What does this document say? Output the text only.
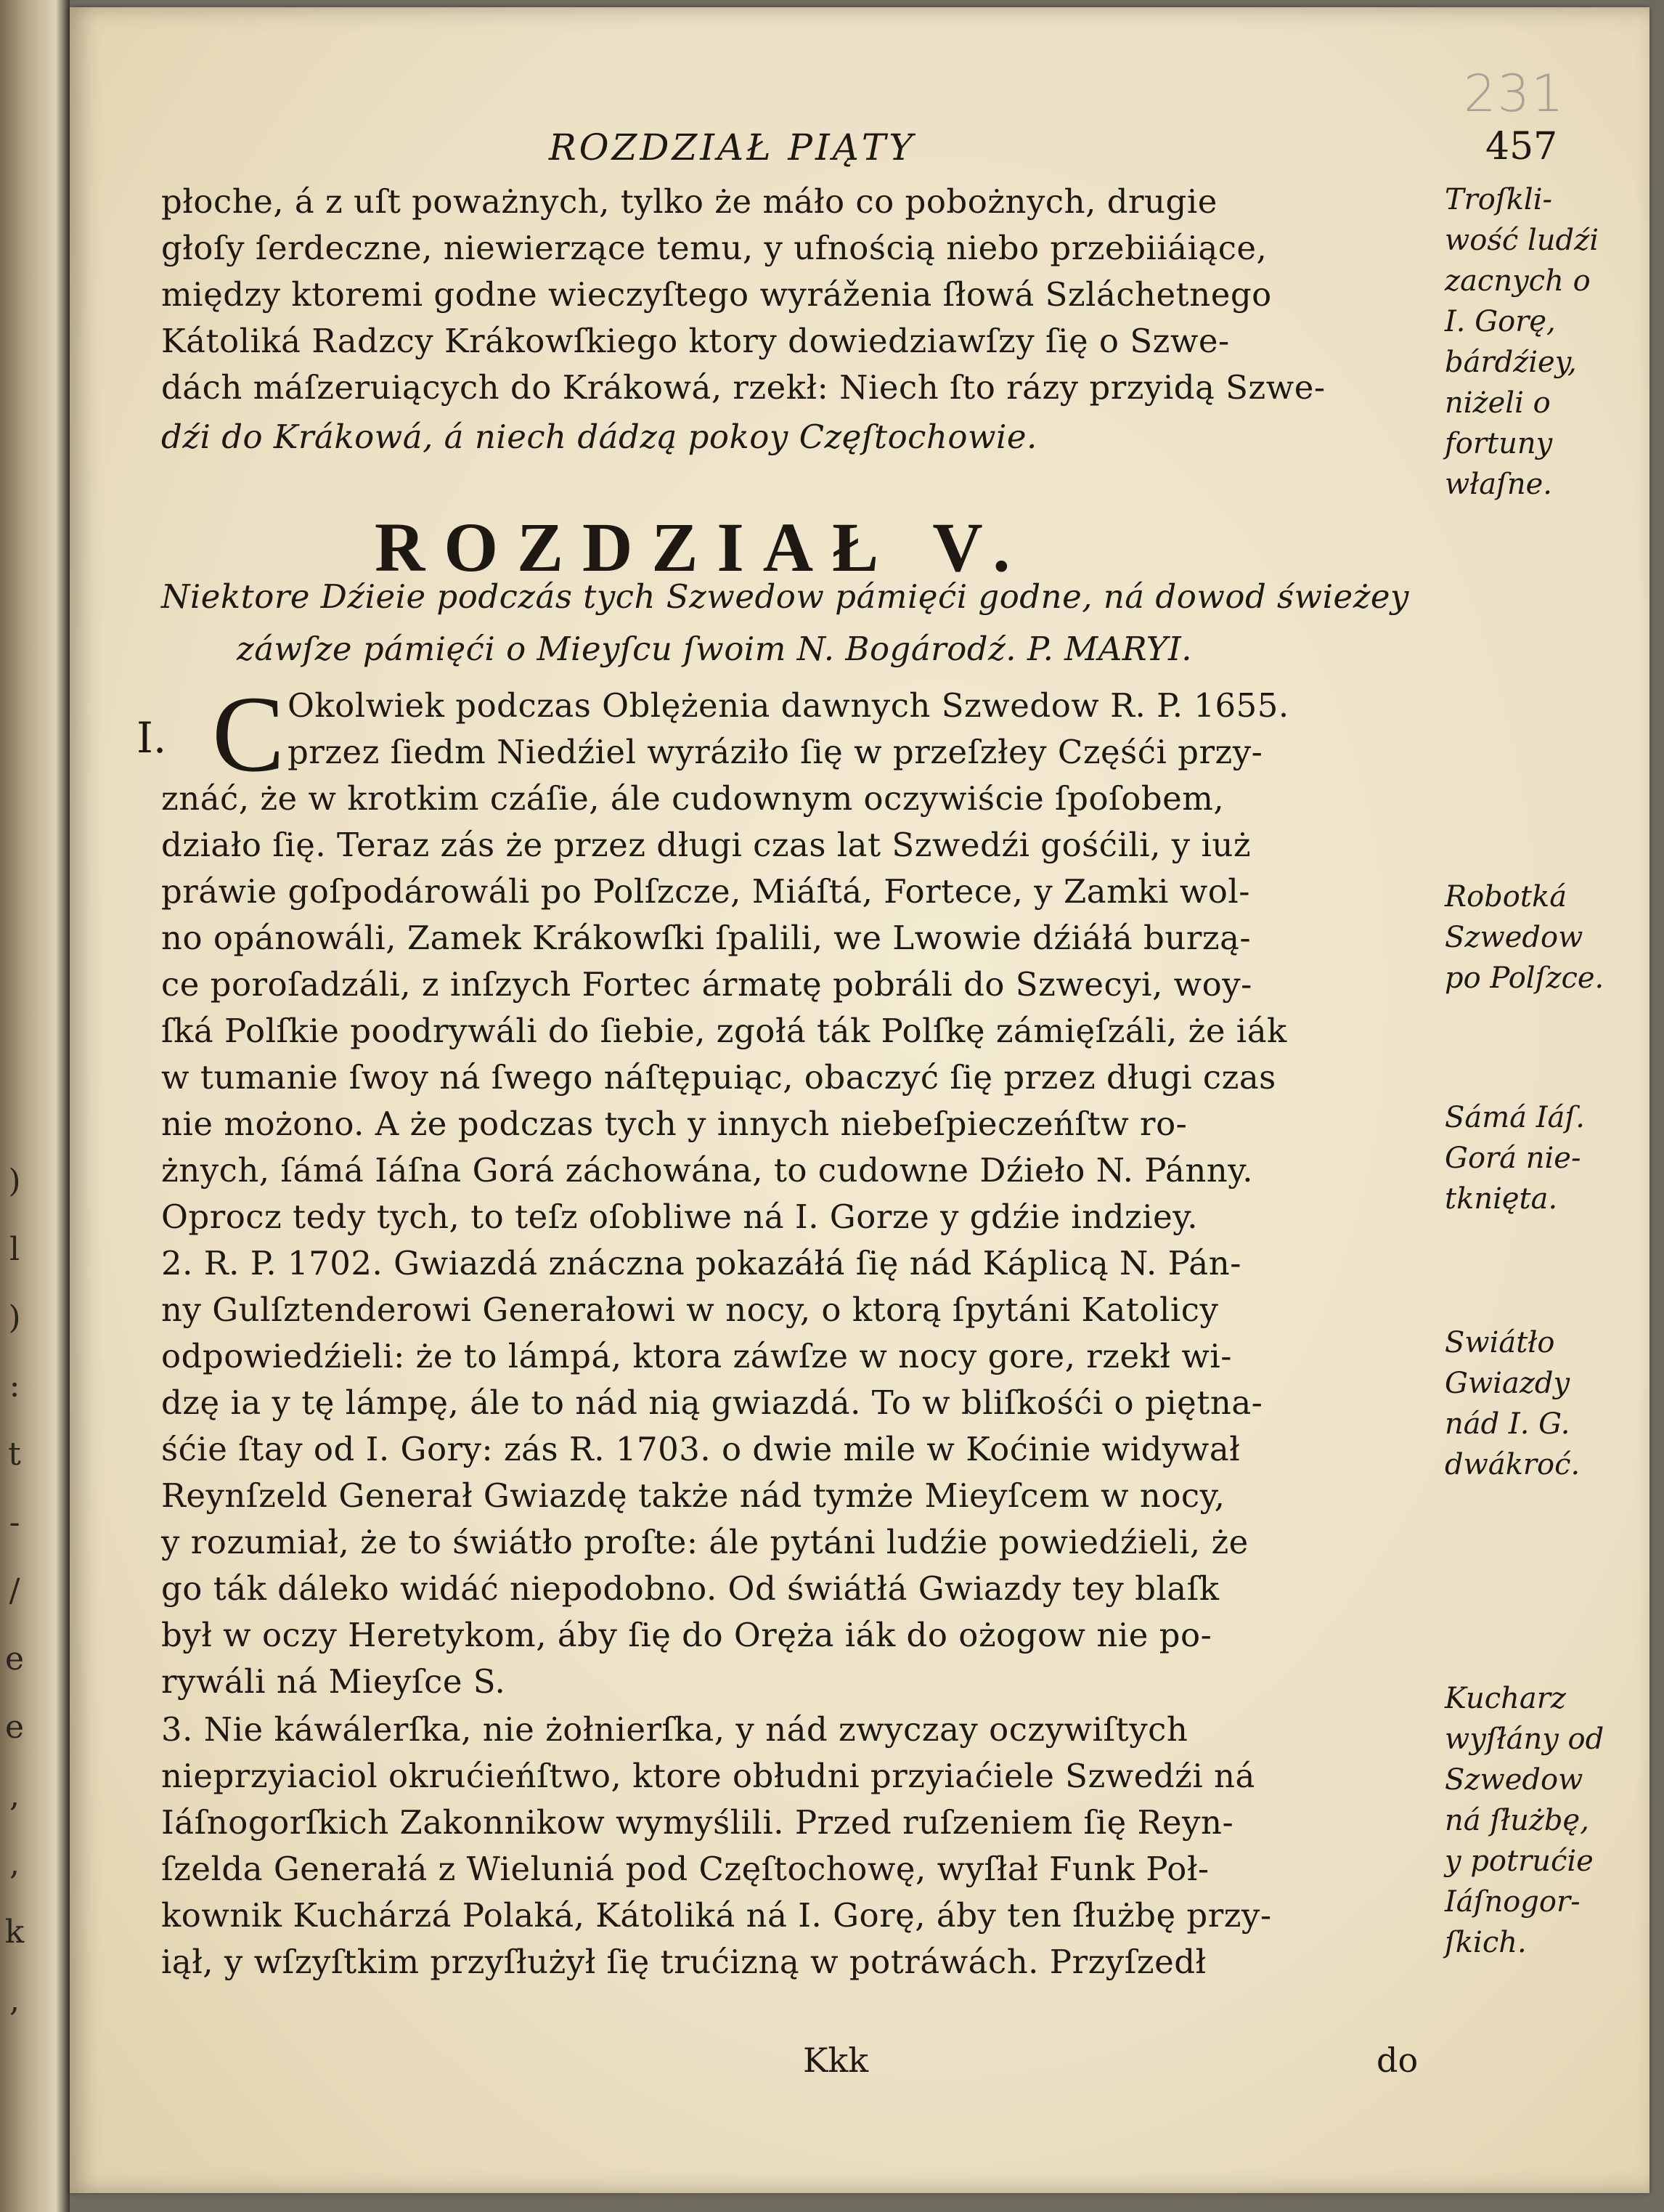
)
l
)
:
t
-
/
e
e
,
,
k
,
231
ROZDZIAŁ PIĄTY	457
płoche, á z uſt poważnych, tylko że máło co pobożnych, drugie
głoſy ſerdeczne, niewierzące temu, y ufnością niebo przebiiáiące,
między ktoremi godne wieczyſtego wyráženia ſłowá Szláchetnego
Kátoliká Radzcy Krákowſkiego ktory dowiedziawſzy ſię o Szwe-
dách máſzeruiących do Krákowá, rzekł: Niech ſto rázy przyidą Szwe-
dźi do Krákowá, á niech dádzą pokoy Częſtochowie.
Niektore Dźieie podczás tych Szwedow pámięći godne, ná dowod świeżey
záwſze pámięći o Mieyſcu ſwoim N. Bogárodź. P. MARYI.
Okolwiek podczas Oblężenia dawnych Szwedow R. P. 1655.
przez ſiedm Niedźiel wyráziło ſię w przeſzłey Częśći przy-
znáć, że w krotkim czáſie, ále cudownym oczywiście ſpoſobem,
działo ſię. Teraz zás że przez długi czas lat Szwedźi gośćili, y iuż
práwie goſpodárowáli po Polſzcze, Miáſtá, Fortece, y Zamki wol-
no opánowáli, Zamek Krákowſki ſpalili, we Lwowie dźiáłá burzą-
ce poroſadzáli, z inſzych Fortec ármatę pobráli do Szwecyi, woy-
ſká Polſkie poodrywáli do ſiebie, zgołá ták Polſkę zámięſzáli, że iák
w tumanie ſwoy ná ſwego náſtępuiąc, obaczyć ſię przez długi czas
nie możono. A że podczas tych y innych niebeſpieczeńſtw ro-
żnych, ſámá Iáſna Gorá záchowána, to cudowne Dźieło N. Pánny.
Oprocz tedy tych, to teſz oſobliwe ná I. Gorze y gdźie indziey.
2. R. P. 1702. Gwiazdá znáczna pokazáłá ſię nád Káplicą N. Pán-
ny Gulſztenderowi Generałowi w nocy, o ktorą ſpytáni Katolicy
odpowiedźieli: że to lámpá, ktora záwſze w nocy gore, rzekł wi-
dzę ia y tę lámpę, ále to nád nią gwiazdá. To w bliſkośći o piętna-
śćie ſtay od I. Gory: zás R. 1703. o dwie mile w Koćinie widywał
Reynſzeld Generał Gwiazdę także nád tymże Mieyſcem w nocy,
y rozumiał, że to świátło proſte: ále pytáni ludźie powiedźieli, że
go ták dáleko widáć niepodobno. Od świátłá Gwiazdy tey blaſk
był w oczy Heretykom, áby ſię do Oręża iák do ożogow nie po-
rywáli ná Mieyſce S.
3. Nie káwálerſka, nie żołnierſka, y nád zwyczay oczywiſtych
nieprzyiaciol okrućieńſtwo, ktore obłudni przyiaćiele Szwedźi ná
Iáſnogorſkich Zakonnikow wymyślili. Przed ruſzeniem ſię Reyn-
ſzelda Generałá z Wieluniá pod Częſtochowę, wyſłał Funk Poł-
kownik Kuchárzá Polaká, Kátoliká ná I. Gorę, áby ten ſłużbę przy-
iął, y wſzyſtkim przyſłużył ſię trućizną w potráwách. Przyſzedł
ROZDZIAŁ V.
I. C
Troſkli-
wość ludźi
zacnych o
I. Gorę,
bárdźiey,
niżeli o
fortuny
właſne.
Robotká
Szwedow
po Polſzce.
Sámá Iáſ.
Gorá nie-
tknięta.
Swiátło
Gwiazdy
nád I. G.
dwákroć.
Kucharz
wyſłány od
Szwedow
ná ſłużbę,
y potrućie
Iáſnogor-
ſkich.
Kkk	do
